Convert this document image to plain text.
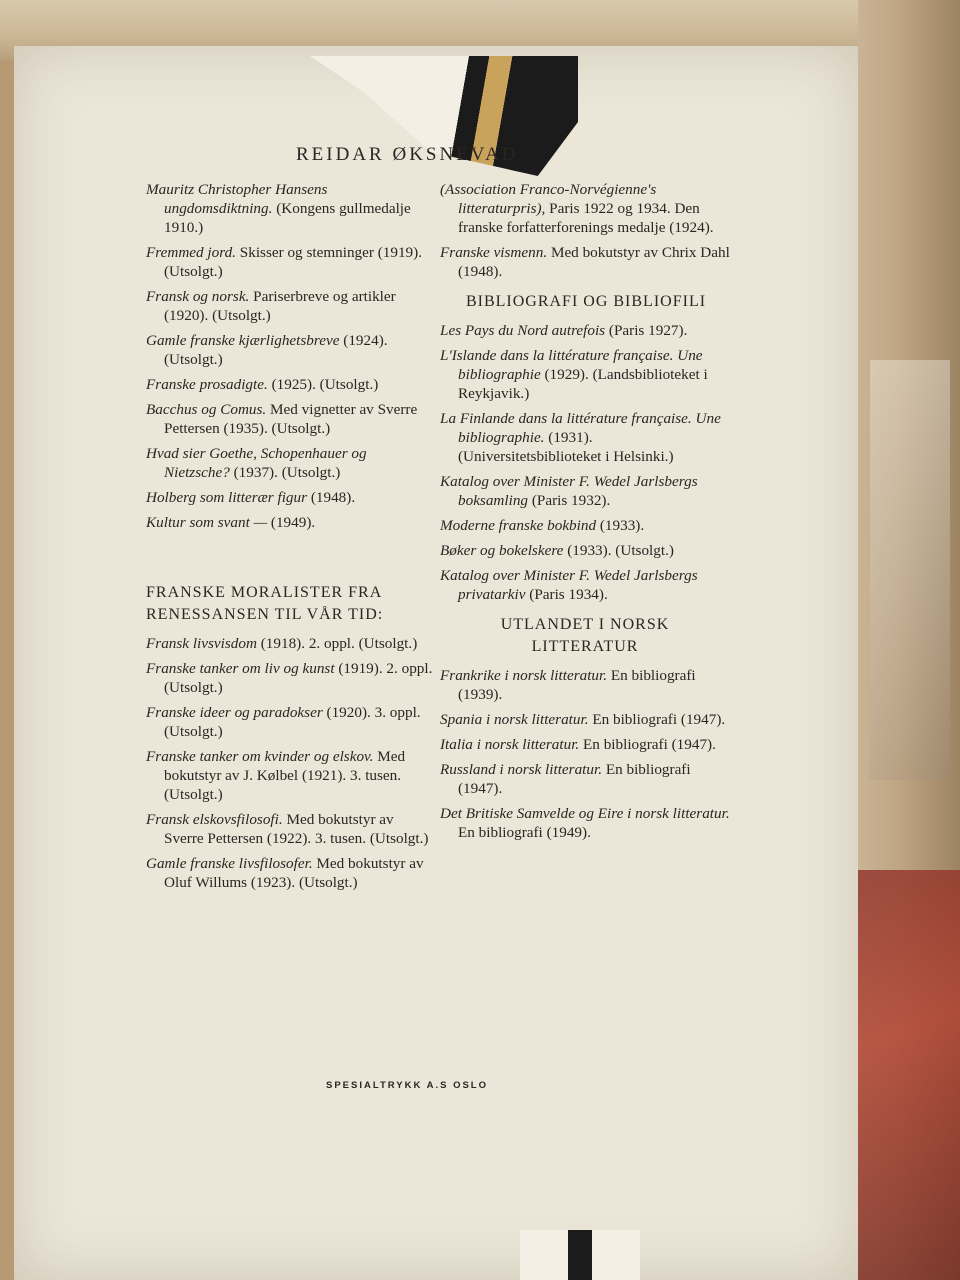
REIDAR ØKSNEVAD
Mauritz Christopher Hansens ungdomsdiktning. (Kongens gullmedalje 1910.)
Fremmed jord. Skisser og stemninger (1919). (Utsolgt.)
Fransk og norsk. Pariserbreve og artikler (1920). (Utsolgt.)
Gamle franske kjærlighetsbreve (1924). (Utsolgt.)
Franske prosadigte. (1925). (Utsolgt.)
Bacchus og Comus. Med vignetter av Sverre Pettersen (1935). (Utsolgt.)
Hvad sier Goethe, Schopenhauer og Nietzsche? (1937). (Utsolgt.)
Holberg som litterær figur (1948).
Kultur som svant — (1949).
FRANSKE MORALISTER FRA RENESSANSEN TIL VÅR TID:
Fransk livsvisdom (1918). 2. oppl. (Utsolgt.)
Franske tanker om liv og kunst (1919). 2. oppl. (Utsolgt.)
Franske ideer og paradokser (1920). 3. oppl. (Utsolgt.)
Franske tanker om kvinder og elskov. Med bokutstyr av J. Kølbel (1921). 3. tusen. (Utsolgt.)
Fransk elskovsfilosofi. Med bokutstyr av Sverre Pettersen (1922). 3. tusen. (Utsolgt.)
Gamle franske livsfilosofer. Med bokutstyr av Oluf Willums (1923). (Utsolgt.)
(Association Franco-Norvégienne's litteraturpris), Paris 1922 og 1934. Den franske forfatterforenings medalje (1924).
Franske vismenn. Med bokutstyr av Chrix Dahl (1948).
BIBLIOGRAFI OG BIBLIOFILI
Les Pays du Nord autrefois (Paris 1927).
L'Islande dans la littérature française. Une bibliographie (1929). (Landsbiblioteket i Reykjavik.)
La Finlande dans la littérature française. Une bibliographie. (1931). (Universitetsbiblioteket i Helsinki.)
Katalog over Minister F. Wedel Jarlsbergs boksamling (Paris 1932).
Moderne franske bokbind (1933).
Bøker og bokelskere (1933). (Utsolgt.)
Katalog over Minister F. Wedel Jarlsbergs privatarkiv (Paris 1934).
UTLANDET I NORSK LITTERATUR
Frankrike i norsk litteratur. En bibliografi (1939).
Spania i norsk litteratur. En bibliografi (1947).
Italia i norsk litteratur. En bibliografi (1947).
Russland i norsk litteratur. En bibliografi (1947).
Det Britiske Samvelde og Eire i norsk litteratur. En bibliografi (1949).
SPESIALTRYKK A.S OSLO
